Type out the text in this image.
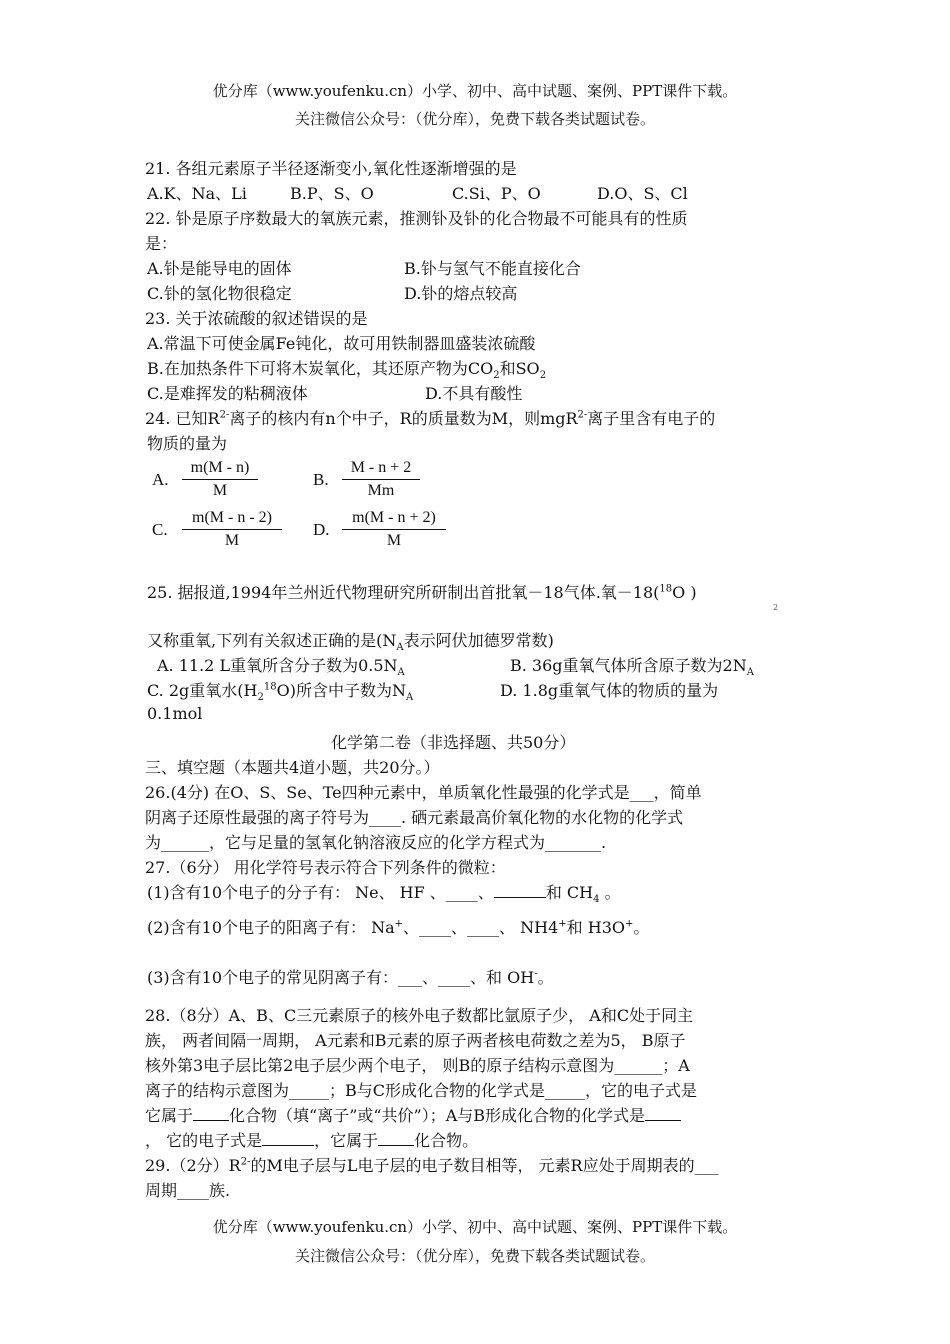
优分库（www.youfenku.cn）小学、初中、高中试题、案例、PPT课件下载。
关注微信公众号：（优分库），免费下载各类试题试卷。
21. 各组元素原子半径逐渐变小,氧化性逐渐增强的是
A.K、Na、Li	B.P、S、O	C.Si、P、O	D.O、S、Cl
22. 钋是原子序数最大的氧族元素，推测钋及钋的化合物最不可能具有的性质
是：
A.钋是能导电的固体	B.钋与氢气不能直接化合
C.钋的氢化物很稳定	D.钋的熔点较高
23. 关于浓硫酸的叙述错误的是
A.常温下可使金属Fe钝化，故可用铁制器皿盛装浓硫酸
B.在加热条件下可将木炭氧化，其还原产物为$CO_2$和$SO_2$
C.是难挥发的粘稠液体	D.不具有酸性
24. 已知$R^{2-}$离子的核内有n个中子，R的质量数为M，则mgR$^{2-}$离子里含有电子的
物质的量为
A. $\frac{m(M - n)}{M}$	B. $\frac{M - n + 2}{Mm}$
C. $\frac{m(M - n - 2)}{M} D$. $\frac{m(M - n + 2)}{M}$
25. 据报道,1994年兰州近代物理研究所研制出首批氧－18气体.氧－18($^{18}$O )
2
又称重氧,下列有关叙述正确的是($N_A$表示阿伏加德罗常数)
A. 11.2 L重氧所含分子数为$0.5N_A$	B. 36g重氧气体所含原子数为$2N_A$
C. 2g重氧水$(H_2^{18}O)$所含中子数为$N_A$	D. 1.8g重氧气体的物质的量为
0.1mol
化学第二卷（非选择题、共50分）
三、填空题（本题共4道小题，共20分。）
26.(4分) 在O、S、Se、Te四种元素中，单质氧化性最强的化学式是___，简单
阴离子还原性最强的离子符号为____. 硒元素最高价氧化物的水化物的化学式
为______，它与足量的氢氧化钠溶液反应的化学方程式为_______.
27.（6分） 用化学符号表示符合下列条件的微粒：
(1)含有10个电子的分子有： Ne、 HF 、____、	和 $CH_4$ 。
(2)含有10个电子的阳离子有： Na+、____、____、 NH4+和 H3O+。
(3)含有10个电子的常见阴离子有：___、____、和 OH-。
28.（8分）A、B、C三元素原子的核外电子数都比氩原子少， A和C处于同主
族， 两者间隔一周期， A元素和B元素的原子两者核电荷数之差为5， B原子
核外第3电子层比第2电子层少两个电子， 则B的原子结构示意图为______；A
离子的结构示意图为_____；B与C形成化合物的化学式是_____，它的电子式是
它属于 化合物（填“离子”或“共价”）；A与B形成化合物的化学式是
， 它的电子式是	，它属于 化合物。
29.（2分）$R^{2-}$的M电子层与L电子层的电子数目相等， 元素R应处于周期表的___
周期____族.
优分库（www.youfenku.cn）小学、初中、高中试题、案例、PPT课件下载。
关注微信公众号：（优分库），免费下载各类试题试卷。
